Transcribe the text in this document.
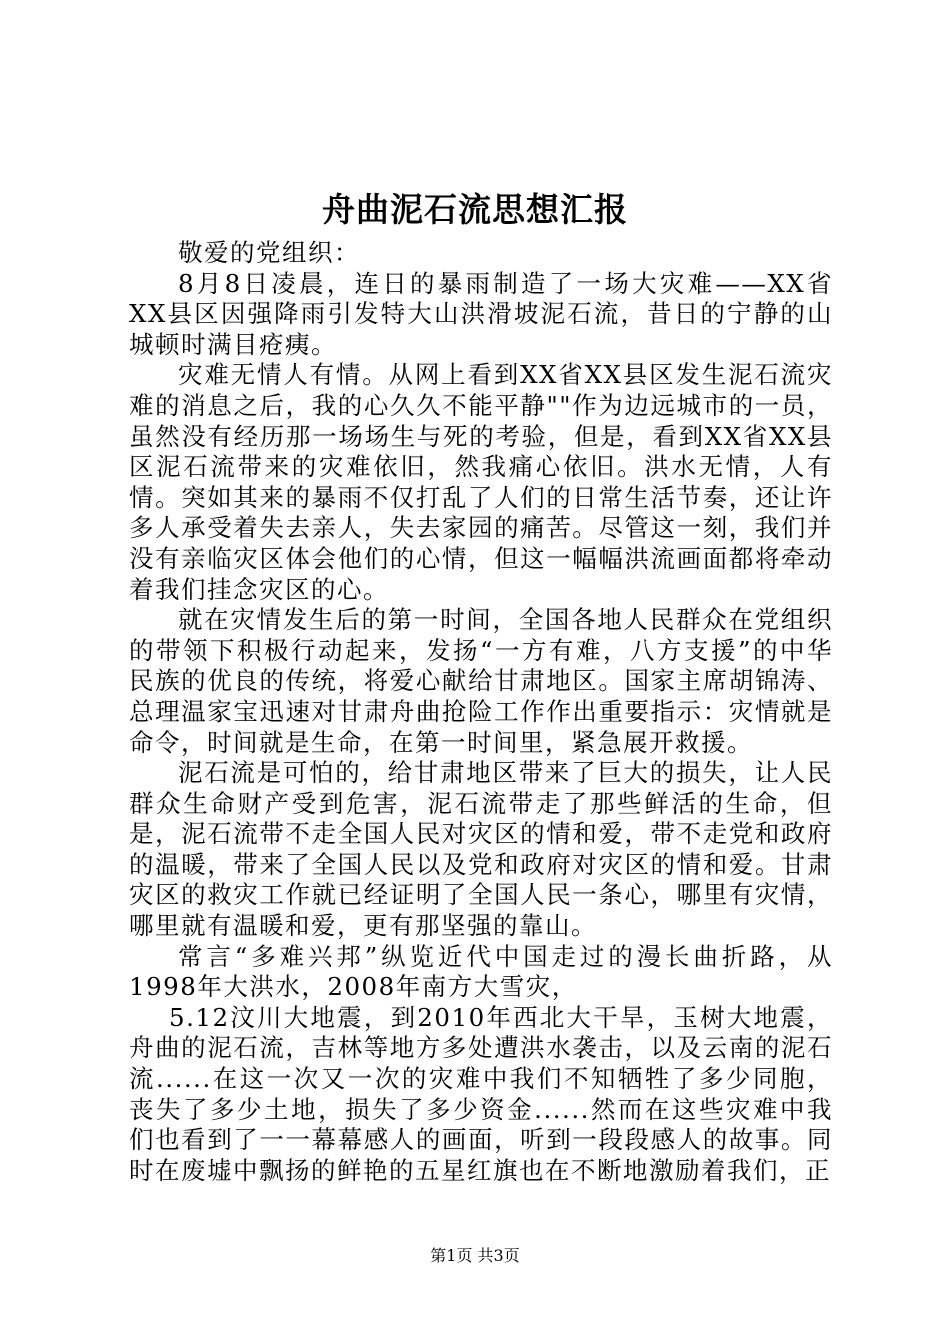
舟曲泥石流思想汇报

敬爱的党组织：

8月8日凌晨，连日的暴雨制造了一场大灾难——XX省XX县区因强降雨引发特大山洪滑坡泥石流，昔日的宁静的山城顿时满目疮痍。

灾难无情人有情。从网上看到XX省XX县区发生泥石流灾难的消息之后，我的心久久不能平静""作为边远城市的一员，虽然没有经历那一场场生与死的考验，但是，看到XX省XX县区泥石流带来的灾难依旧，然我痛心依旧。洪水无情，人有情。突如其来的暴雨不仅打乱了人们的日常生活节奏，还让许多人承受着失去亲人，失去家园的痛苦。尽管这一刻，我们并没有亲临灾区体会他们的心情，但这一幅幅洪流画面都将牵动着我们挂念灾区的心。

就在灾情发生后的第一时间，全国各地人民群众在党组织的带领下积极行动起来，发扬“一方有难，八方支援”的中华民族的优良的传统，将爱心献给甘肃地区。国家主席胡锦涛、总理温家宝迅速对甘肃舟曲抢险工作作出重要指示：灾情就是命令，时间就是生命，在第一时间里，紧急展开救援。

泥石流是可怕的，给甘肃地区带来了巨大的损失，让人民群众生命财产受到危害，泥石流带走了那些鲜活的生命，但是，泥石流带不走全国人民对灾区的情和爱，带不走党和政府的温暖，带来了全国人民以及党和政府对灾区的情和爱。甘肃灾区的救灾工作就已经证明了全国人民一条心，哪里有灾情，哪里就有温暖和爱，更有那坚强的靠山。

常言“多难兴邦”纵览近代中国走过的漫长曲折路，从1998年大洪水，2008年南方大雪灾，

5.12汶川大地震，到2010年西北大干旱，玉树大地震，舟曲的泥石流，吉林等地方多处遭洪水袭击，以及云南的泥石流......在这一次又一次的灾难中我们不知牺牲了多少同胞，丧失了多少土地，损失了多少资金......然而在这些灾难中我们也看到了一一幕幕感人的画面，听到一段段感人的故事。同时在废墟中飘扬的鲜艳的五星红旗也在不断地激励着我们，正

第1页 共3页
